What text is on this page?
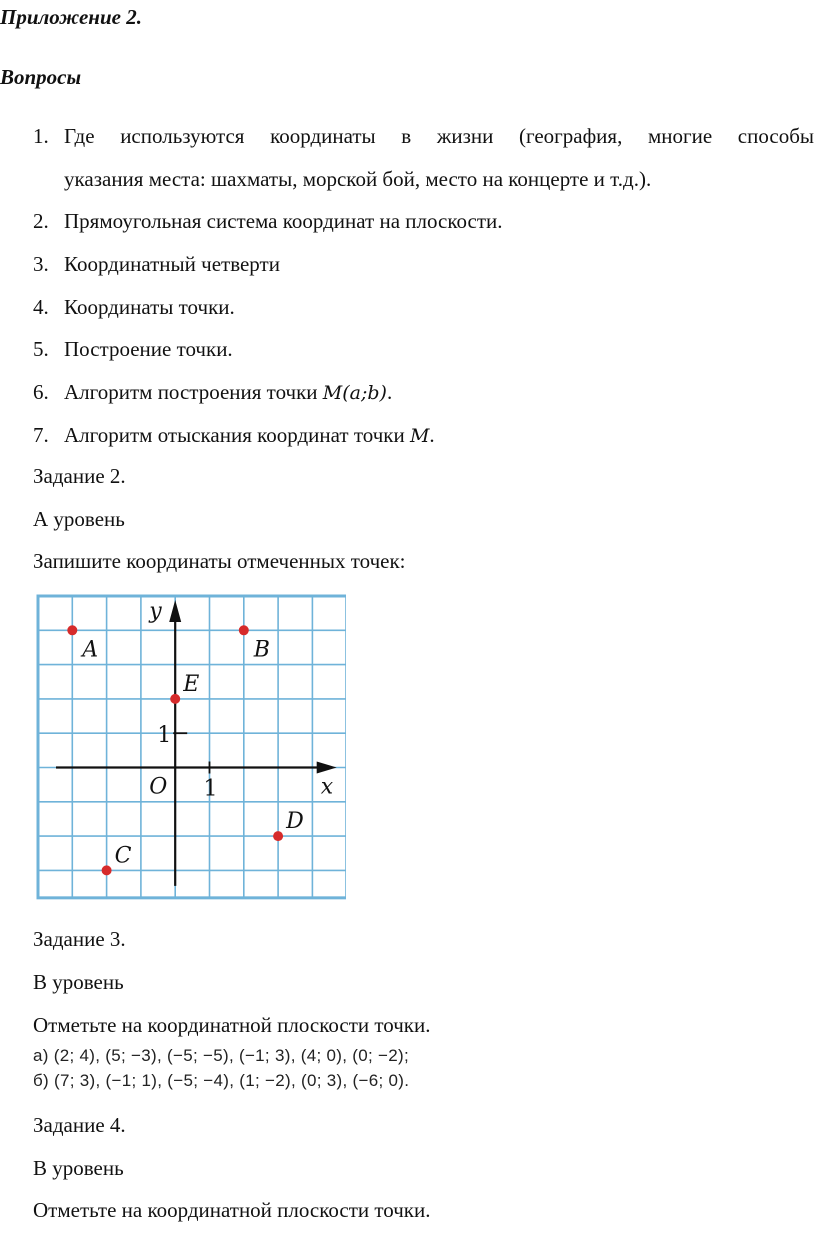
Приложение 2.
Вопросы
1. Где используются координаты в жизни (география, многие способы
указания места: шахматы, морской бой, место на концерте и т.д.).
2. Прямоугольная система координат на плоскости.
3. Координатный четверти
4. Координаты точки.
5. Построение точки.
6. Алгоритм построения точки M(a;b).
7. Алгоритм отыскания координат точки M.
Задание 2.
А уровень
Запишите координаты отмеченных точек:
x
y
O 1
1
A	B
E
D
C
Задание 3.
В уровень
Отметьте на координатной плоскости точки.
а) (2; 4), (5; −3), (−5; −5), (−1; 3), (4; 0), (0; −2);
б) (7; 3), (−1; 1), (−5; −4), (1; −2), (0; 3), (−6; 0).
Задание 4.
В уровень
Отметьте на координатной плоскости точки.
